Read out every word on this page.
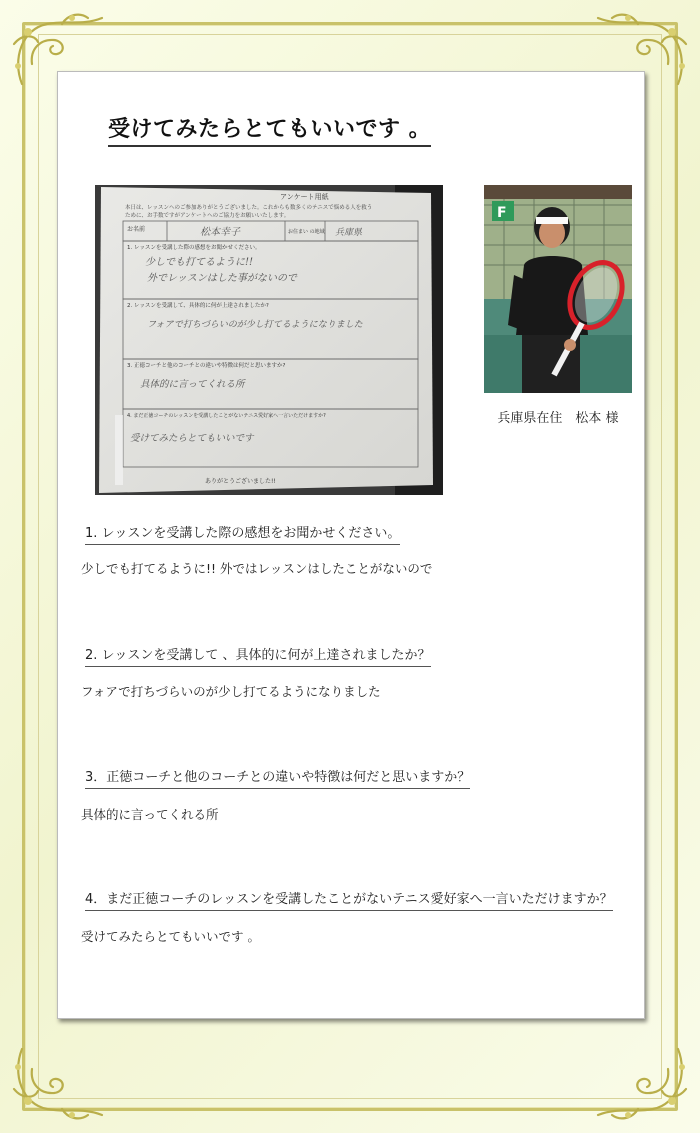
受けてみたらとてもいいです 。
アンケート用紙
本日は、レッスンへのご参加ありがとうございました。これからも数多くのテニスで悩める人を救う
ために、お手数ですがアンケートへのご協力をお願いいたします。
お名前	松本幸子	お住まい の地域 兵庫県
1. レッスンを受講した際の感想をお聞かせください。
少しでも打てるように!!
外でレッスンはした事がないので
2. レッスンを受講して、具体的に何が上達されましたか?
フォアで打ちづらいのが少し打てるようになりました
3. 正徳コーチと他のコーチとの違いや特徴は何だと思いますか?
具体的に言ってくれる所
4. まだ正徳コーチのレッスンを受講したことがないテニス愛好家へ一言いただけますか?
受けてみたらとてもいいです
ありがとうございました!!
F
兵庫県在住　松本 様
1. レッスンを受講した際の感想をお聞かせください。
少しでも打てるように!! 外ではレッスンはしたことがないので
2. レッスンを受講して 、具体的に何が上達されましたか？
フォアで打ちづらいのが少し打てるようになりました
3．正徳コーチと他のコーチとの違いや特徴は何だと思いますか？
具体的に言ってくれる所
4．まだ正徳コーチのレッスンを受講したことがないテニス愛好家へ一言いただけますか？
受けてみたらとてもいいです 。
